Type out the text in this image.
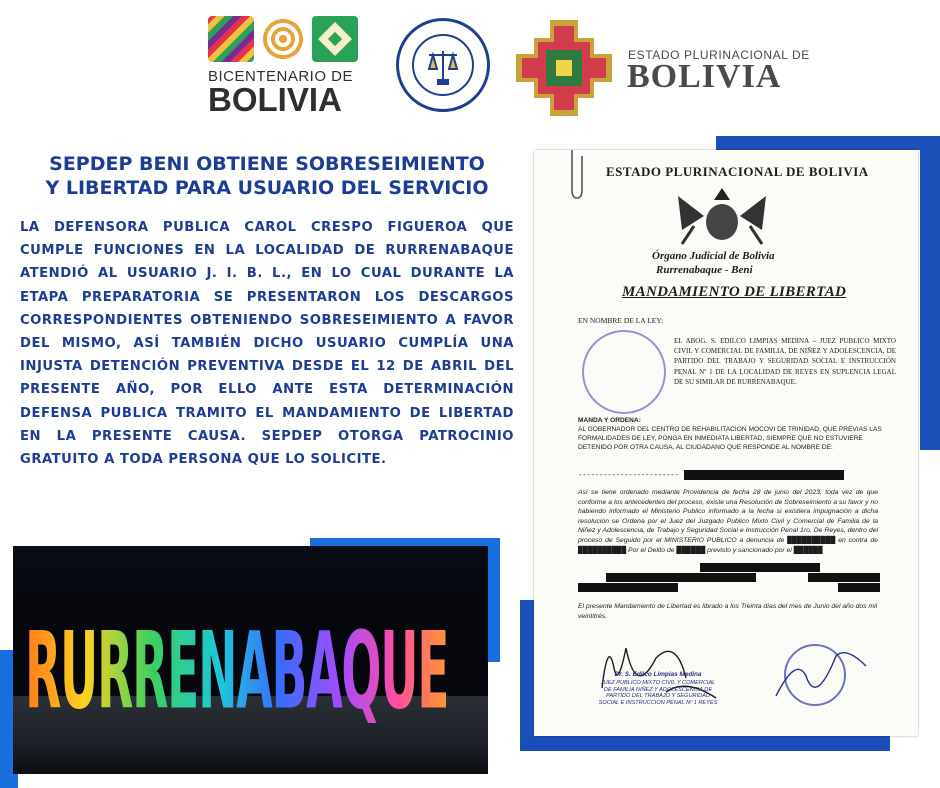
BICENTENARIO DE
BOLIVIA
ESTADO PLURINACIONAL DE
BOLIVIA
SEPDEP BENI OBTIENE SOBRESEIMIENTO
Y LIBERTAD PARA USUARIO DEL SERVICIO
LA DEFENSORA PUBLICA CAROL CRESPO FIGUEROA QUE CUMPLE FUNCIONES EN LA LOCALIDAD DE RURRENABAQUE ATENDIÓ AL USUARIO J. I. B. L., EN LO CUAL DURANTE LA ETAPA PREPARATORIA SE PRESENTARON LOS DESCARGOS CORRESPONDIENTES OBTENIENDO SOBRESEIMIENTO A FAVOR DEL MISMO, ASÍ TAMBIÉN DICHO USUARIO CUMPLÍA UNA INJUSTA DETENCIÓN PREVENTIVA DESDE EL 12 DE ABRIL DEL PRESENTE AÑO, POR ELLO ANTE ESTA DETERMINACIÓN DEFENSA PUBLICA TRAMITO EL MANDAMIENTO DE LIBERTAD EN LA PRESENTE CAUSA. SEPDEP OTORGA PATROCINIO GRATUITO A TODA PERSONA QUE LO SOLICITE.
RURRENABAQUE
ESTADO PLURINACIONAL DE BOLIVIA
Órgano Judicial de Bolivia
Rurrenabaque - Beni
MANDAMIENTO DE LIBERTAD
EN NOMBRE DE LA LEY:
EL ABOG. S. EDILCO LIMPIAS MEDINA – JUEZ PUBLICO MIXTO CIVIL Y COMERCIAL DE FAMILIA, DE NIÑEZ Y ADOLESCENCIA, DE PARTIDO DEL TRABAJO Y SEGURIDAD SOCIAL E INSTRUCCIÓN PENAL Nº 1 DE LA LOCALIDAD DE REYES EN SUPLENCIA LEGAL DE SU SIMILAR DE RURRENABAQUE.
MANDA Y ORDENA:
AL GOBERNADOR DEL CENTRO DE REHABILITACION MOCOVI DE TRINIDAD, QUE PREVIAS LAS FORMALIDADES DE LEY, PONGA EN INMEDIATA LIBERTAD, SIEMPRE QUE NO ESTUVIERE DETENIDO POR OTRA CAUSA, AL CIUDADANO QUE RESPONDE AL NOMBRE DE:
------------------------
Así se tiene ordenado mediante Providencia de fecha 28 de junio del 2023, toda vez de que conforme a los antecedentes del proceso, existe una Resolución de Sobreseimiento a su favor y no habiendo informado el Ministerio Publico informado a la fecha si existiera impugnación a dicha resolución se Ordena por el Juez del Juzgado Publico Mixto Civil y Comercial de Familia de la Niñez y Adolescencia, de Trabajo y Seguridad Social e Instrucción Penal 1ro. De Reyes, dentro del proceso de Seguido por el MINISTERIO PUBLICO a denuncia de ██████████ en contra de ██████████ Por el Delito de ██████ previsto y sancionado por el ██████
El presente Mandamiento de Libertad es librado a los Treinta días del mes de Junio del año dos mil veintitrés.
Dr. S. Edilco Limpias Medina
JUEZ PUBLICO MIXTO CIVIL Y COMERCIAL DE FAMILIA NIÑEZ Y ADOLESCENCIA DE PARTIDO DEL TRABAJO Y SEGURIDAD SOCIAL E INSTRUCCION PENAL Nº 1 REYES
